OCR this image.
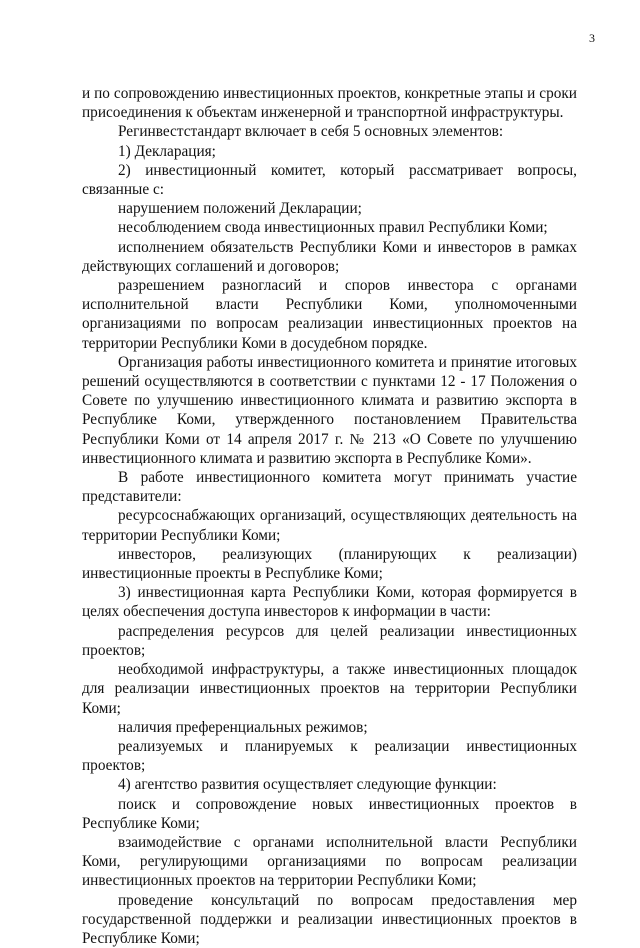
3

и по сопровождению инвестиционных проектов, конкретные этапы и сроки присоединения к объектам инженерной и транспортной инфраструктуры.

Регинвестстандарт включает в себя 5 основных элементов:

1) Декларация;

2) инвестиционный комитет, который рассматривает вопросы, связанные с:

нарушением положений Декларации;

несоблюдением свода инвестиционных правил Республики Коми;

исполнением обязательств Республики Коми и инвесторов в рамках действующих соглашений и договоров;

разрешением разногласий и споров инвестора с органами исполнительной власти Республики Коми, уполномоченными организациями по вопросам реализации инвестиционных проектов на территории Республики Коми в досудебном порядке.

Организация работы инвестиционного комитета и принятие итоговых решений осуществляются в соответствии с пунктами 12 - 17 Положения о Совете по улучшению инвестиционного климата и развитию экспорта в Республике Коми, утвержденного постановлением Правительства Республики Коми от 14 апреля 2017 г. № 213 «О Совете по улучшению инвестиционного климата и развитию экспорта в Республике Коми».

В работе инвестиционного комитета могут принимать участие представители:

ресурсоснабжающих организаций, осуществляющих деятельность на территории Республики Коми;

инвесторов, реализующих (планирующих к реализации) инвестиционные проекты в Республике Коми;

3) инвестиционная карта Республики Коми, которая формируется в целях обеспечения доступа инвесторов к информации в части:

распределения ресурсов для целей реализации инвестиционных проектов;

необходимой инфраструктуры, а также инвестиционных площадок для реализации инвестиционных проектов на территории Республики Коми;

наличия преференциальных режимов;

реализуемых и планируемых к реализации инвестиционных проектов;

4) агентство развития осуществляет следующие функции:

поиск и сопровождение новых инвестиционных проектов в Республике Коми;

взаимодействие с органами исполнительной власти Республики Коми, регулирующими организациями по вопросам реализации инвестиционных проектов на территории Республики Коми;

проведение консультаций по вопросам предоставления мер государственной поддержки и реализации инвестиционных проектов в Республике Коми;
